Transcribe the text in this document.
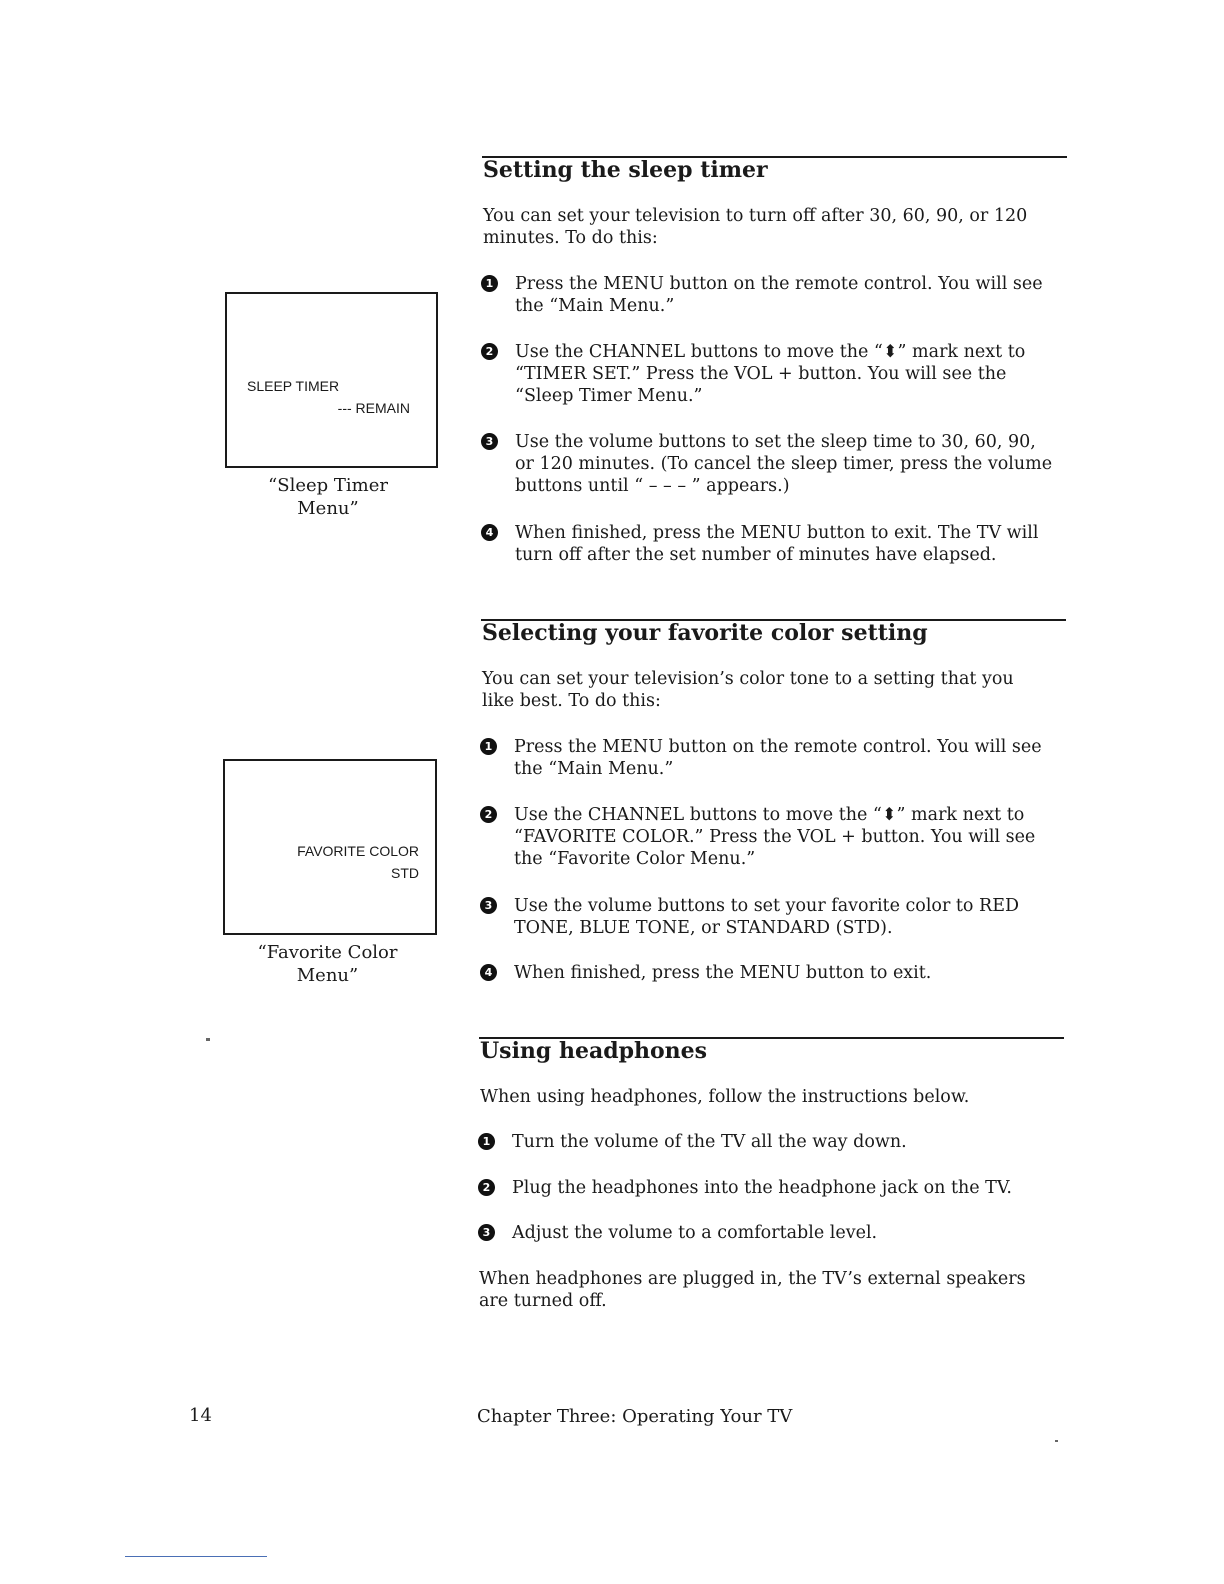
Setting the sleep timer

You can set your television to turn off after 30, 60, 90, or 120 minutes. To do this:

1 Press the MENU button on the remote control. You will see the “Main Menu.”
2 Use the CHANNEL buttons to move the “⬍” mark next to “TIMER SET.” Press the VOL + button. You will see the “Sleep Timer Menu.”
3 Use the volume buttons to set the sleep time to 30, 60, 90, or 120 minutes. (To cancel the sleep timer, press the volume buttons until “ – – – ” appears.)
4 When finished, press the MENU button to exit. The TV will turn off after the set number of minutes have elapsed.
SLEEP TIMER
--- REMAIN
“Sleep Timer Menu”
Selecting your favorite color setting

You can set your television’s color tone to a setting that you like best. To do this:

1 Press the MENU button on the remote control. You will see the “Main Menu.”
2 Use the CHANNEL buttons to move the “⬍” mark next to “FAVORITE COLOR.” Press the VOL + button. You will see the “Favorite Color Menu.”
3 Use the volume buttons to set your favorite color to RED TONE, BLUE TONE, or STANDARD (STD).
4 When finished, press the MENU button to exit.
FAVORITE COLOR
STD
“Favorite Color Menu”
Using headphones

When using headphones, follow the instructions below.

1 Turn the volume of the TV all the way down.
2 Plug the headphones into the headphone jack on the TV.
3 Adjust the volume to a comfortable level.

When headphones are plugged in, the TV’s external speakers are turned off.

14	Chapter Three: Operating Your TV
